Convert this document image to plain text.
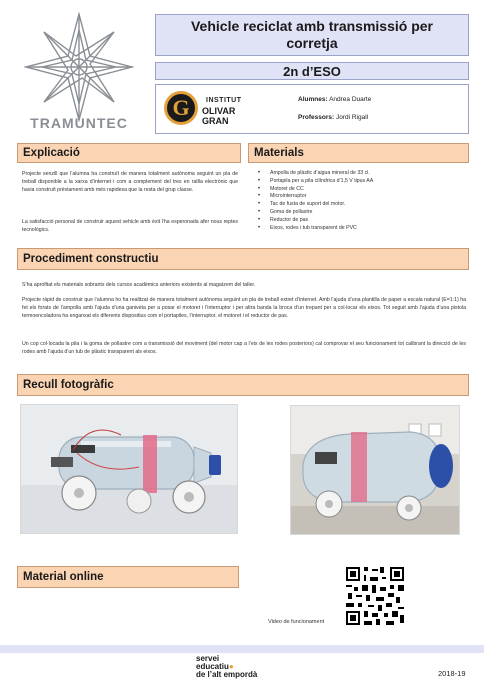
TRAMUNTEC
Vehicle reciclat amb transmissió per corretja
2n d’ESO
G	INSTITUT
OLIVAR GRAN
Alumnes: Andrea Duarte
Professors: Jordi Rigall
Explicació
Projecte senzill que l’alumna ha construït de manera totalment autònoma seguint un pla de treball disponible a la xarxa d’internet i com a complement del tres en ratlla electrònic que havia construït prèviament amb més rapidesa que la resta del grup classe.
La satisfacció personal de construir aquest vehicle amb èxit l’ha esperonada afer nous reptes tecnològics.
Materials
• Ampolla de plàstic d’aigua mineral de 33 cl.
• Portapila per a pila cilíndrica d’1,5 V tipus AA
• Motoret de CC
• Microinterruptor
• Tac de fusta de suport del motor.
• Goma de pollastre
• Reductor de pas
• Eixos, rodes i tub transparent de PVC
Procediment constructiu
S’ha aprofitat els materials sobrants dels cursos acadèmics anteriors existents al magatzem del taller.
Projecte ràpid de construir que l’alumna ho ha realitzat de manera totalment autònoma seguint un pla de treball extret d’internet. Amb l’ajuda d’una plantilla de paper a escala natural (E=1:1) ha fet els forats de l’ampolla amb l’ajuda d’una ganiveta per a posar el motoret i l’interruptor i per altra banda la broca d’un trepant per a col·locar els eixos. Tot seguit amb l’ajuda d’una pistola termoencoladora ha enganxat els diferents dispositius com el portapiles, l’interruptor, el motoret i el reductor de pas.
Un cop col·locada la pila i la goma de pollastre com a transmissió del moviment (del motor cap a l’eix de les rodes posteriors) cal comprovar el seu funcionament tot calibrant la direcció de les rodes amb l’ajuda d’un tub de plàstic transparent als eixos.
Recull fotogràfic
Material online
Video de funcionament
servei
educatiu●
de l’alt empordà	2018-19
